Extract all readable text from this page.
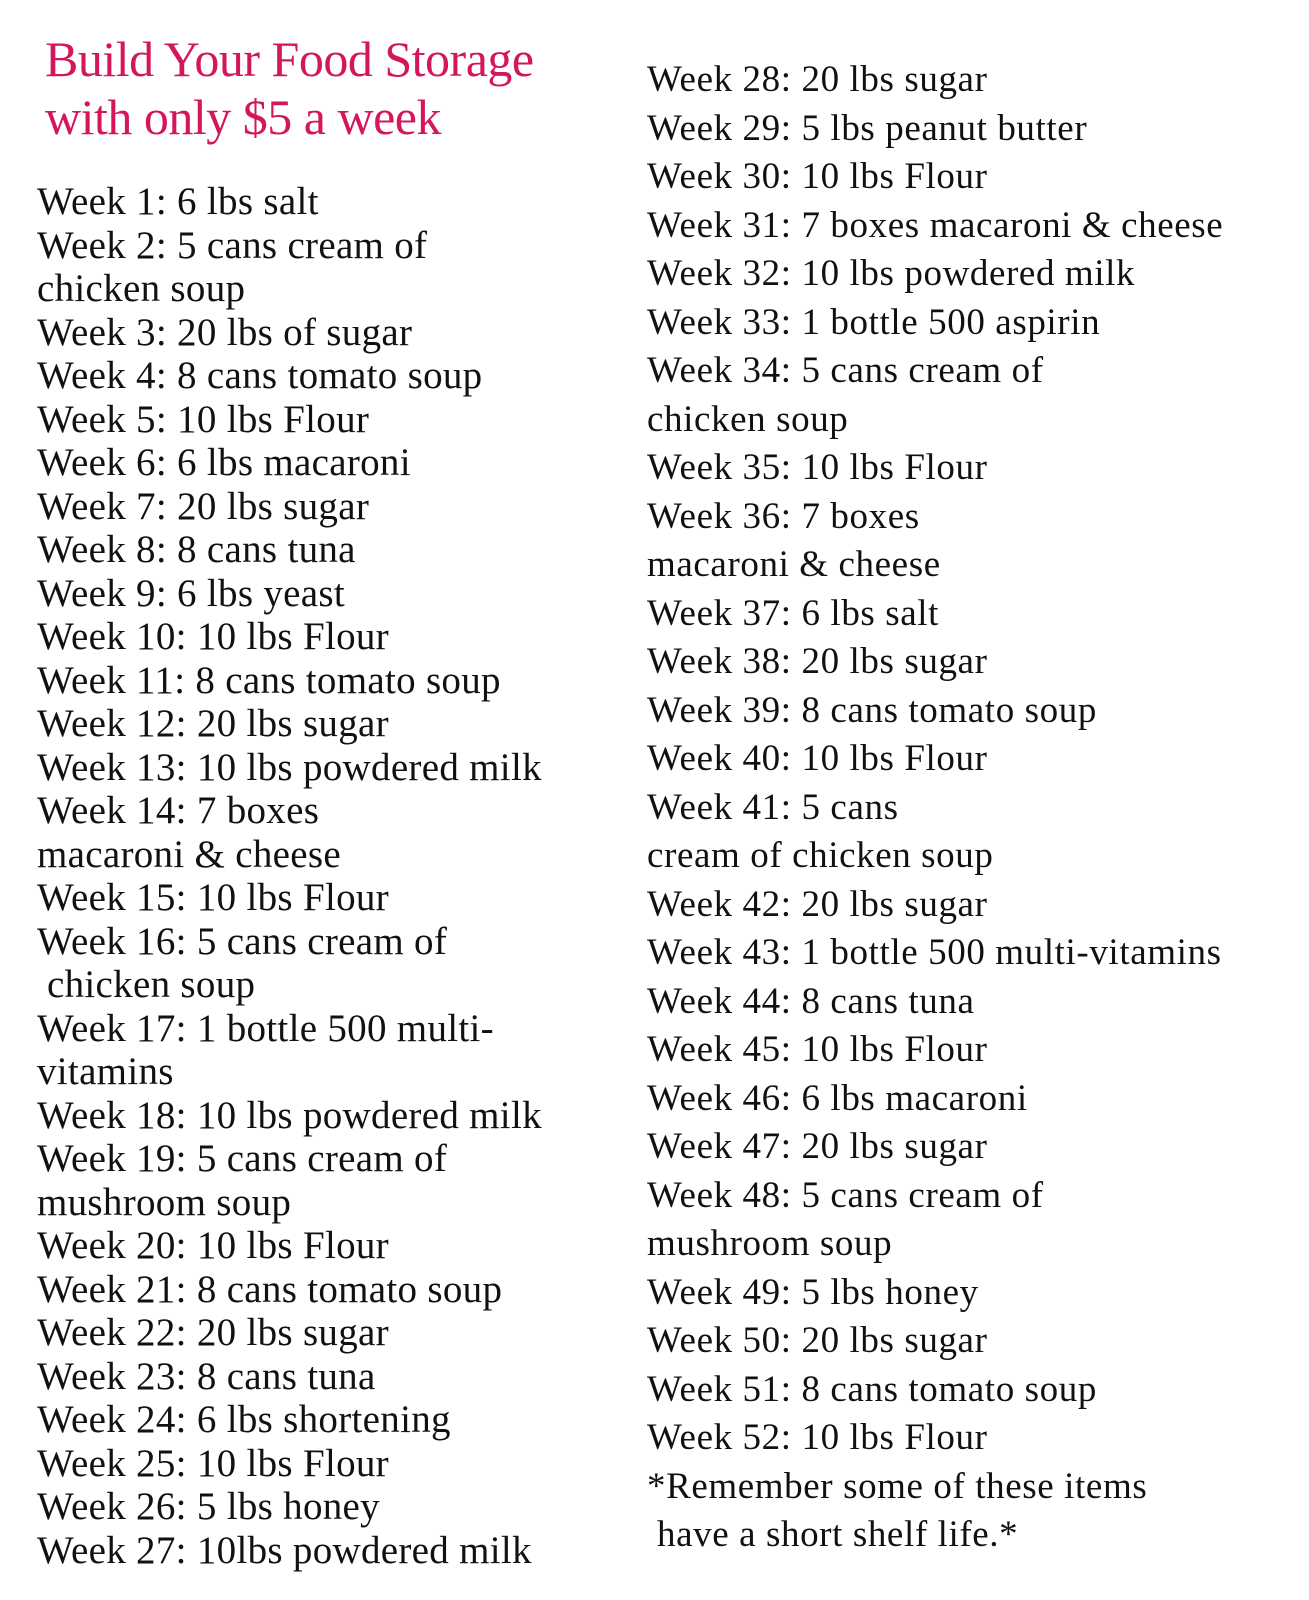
Build Your Food Storage
with only $5 a week
Week 1: 6 lbs salt
Week 2: 5 cans cream of
chicken soup
Week 3: 20 lbs of sugar
Week 4: 8 cans tomato soup
Week 5: 10 lbs Flour
Week 6: 6 lbs macaroni
Week 7: 20 lbs sugar
Week 8: 8 cans tuna
Week 9: 6 lbs yeast
Week 10: 10 lbs Flour
Week 11: 8 cans tomato soup
Week 12: 20 lbs sugar
Week 13: 10 lbs powdered milk
Week 14: 7 boxes
macaroni & cheese
Week 15: 10 lbs Flour
Week 16: 5 cans cream of
chicken soup
Week 17: 1 bottle 500 multi-
vitamins
Week 18: 10 lbs powdered milk
Week 19: 5 cans cream of
mushroom soup
Week 20: 10 lbs Flour
Week 21: 8 cans tomato soup
Week 22: 20 lbs sugar
Week 23: 8 cans tuna
Week 24: 6 lbs shortening
Week 25: 10 lbs Flour
Week 26: 5 lbs honey
Week 27: 10lbs powdered milk
Week 28: 20 lbs sugar
Week 29: 5 lbs peanut butter
Week 30: 10 lbs Flour
Week 31: 7 boxes macaroni & cheese
Week 32: 10 lbs powdered milk
Week 33: 1 bottle 500 aspirin
Week 34: 5 cans cream of
chicken soup
Week 35: 10 lbs Flour
Week 36: 7 boxes
macaroni & cheese
Week 37: 6 lbs salt
Week 38: 20 lbs sugar
Week 39: 8 cans tomato soup
Week 40: 10 lbs Flour
Week 41: 5 cans
cream of chicken soup
Week 42: 20 lbs sugar
Week 43: 1 bottle 500 multi-vitamins
Week 44: 8 cans tuna
Week 45: 10 lbs Flour
Week 46: 6 lbs macaroni
Week 47: 20 lbs sugar
Week 48: 5 cans cream of
mushroom soup
Week 49: 5 lbs honey
Week 50: 20 lbs sugar
Week 51: 8 cans tomato soup
Week 52: 10 lbs Flour
*Remember some of these items
have a short shelf life.*
